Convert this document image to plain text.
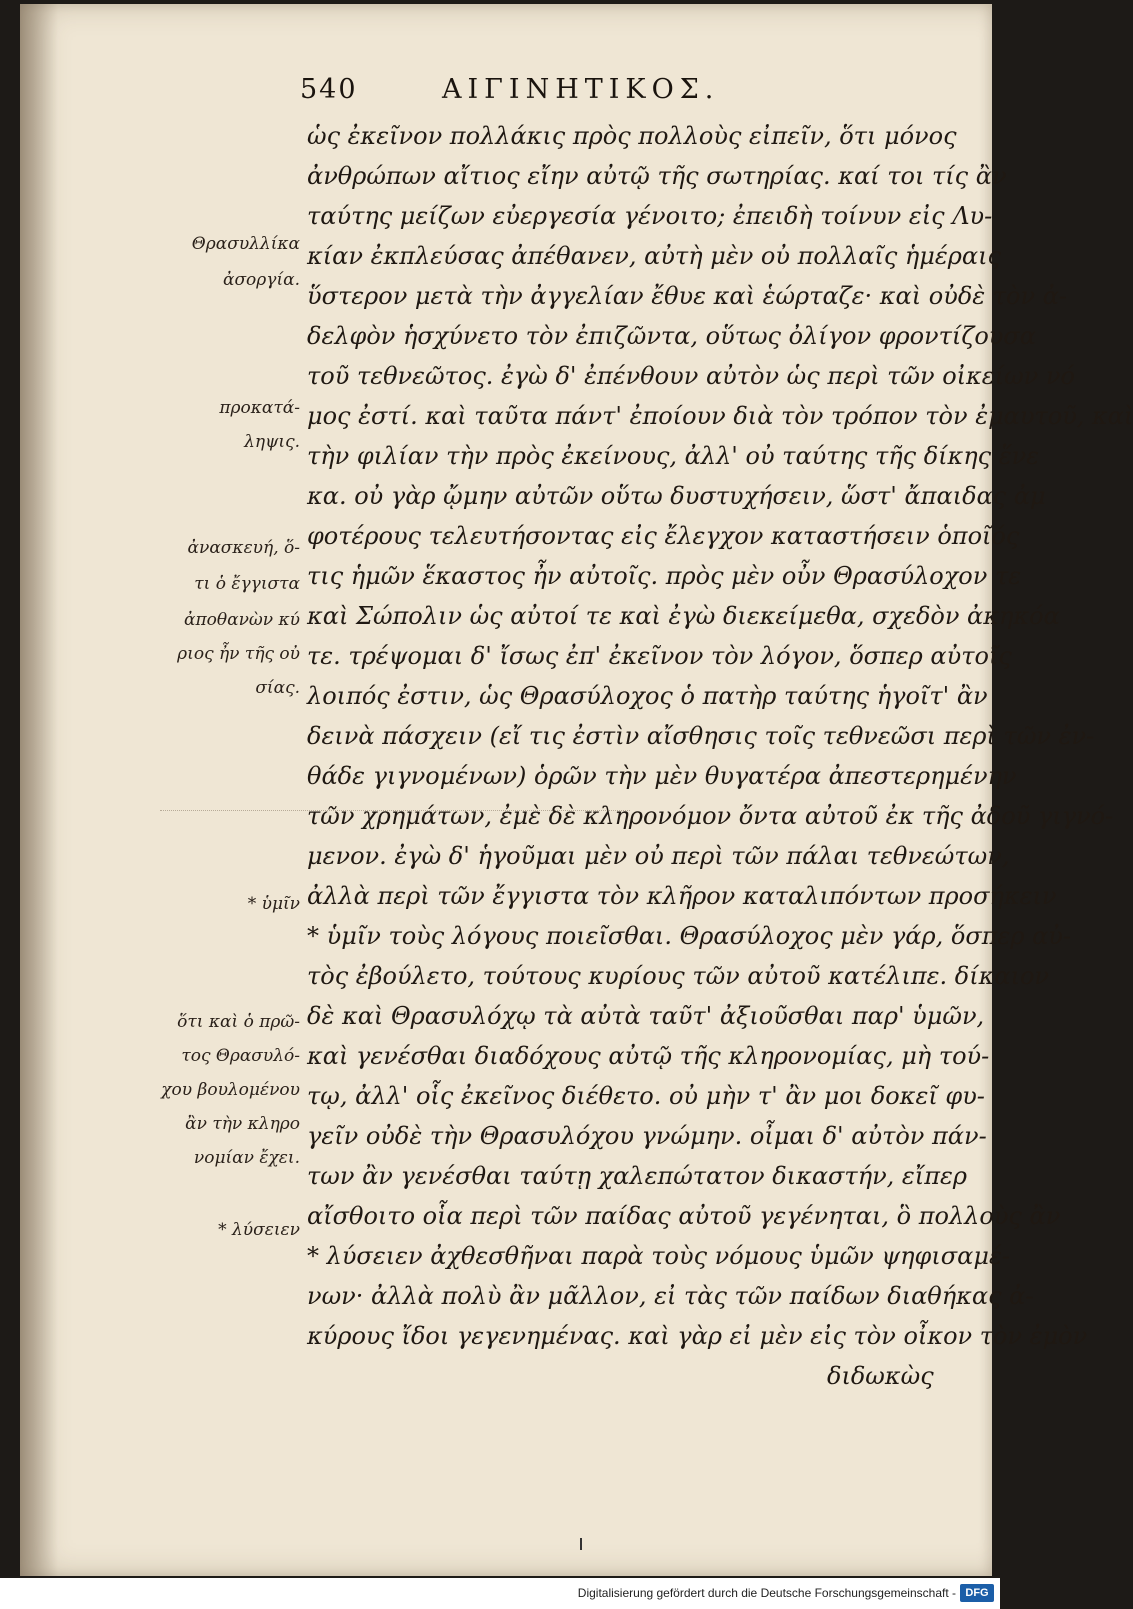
540	ΑΙΓΙΝΗΤΙΚΟΣ.
ὡς ἐκεῖνον πολλάκις πρὸς πολλοὺς εἰπεῖν, ὅτι μόνος
ἀνθρώπων αἴτιος εἴην αὐτῷ τῆς σωτηρίας. καί τοι τίς ἂν
ταύτης μείζων εὐεργεσία γένοιτο; ἐπειδὴ τοίνυν εἰς Λυ-
κίαν ἐκπλεύσας ἀπέθανεν, αὐτὴ μὲν οὐ πολλαῖς ἡμέραις
ὕστερον μετὰ τὴν ἀγγελίαν ἔθυε καὶ ἑώρταζε· καὶ οὐδὲ τὸν ἀ-
δελφὸν ἡσχύνετο τὸν ἐπιζῶντα, οὕτως ὀλίγον φροντίζουσα
τοῦ τεθνεῶτος. ἐγὼ δ' ἐπένθουν αὐτὸν ὡς περὶ τῶν οἰκείων νό
μος ἐστί. καὶ ταῦτα πάντ' ἐποίουν διὰ τὸν τρόπον τὸν ἐμαυτοῦ, καὶ
τὴν φιλίαν τὴν πρὸς ἐκείνους, ἀλλ' οὐ ταύτης τῆς δίκης ἕνε
κα. οὐ γὰρ ᾤμην αὐτῶν οὕτω δυστυχήσειν, ὥστ' ἄπαιδας ἀμ
φοτέρους τελευτήσοντας εἰς ἔλεγχον καταστήσειν ὁποῖός
τις ἡμῶν ἕκαστος ἦν αὐτοῖς. πρὸς μὲν οὖν Θρασύλοχον τε
καὶ Σώπολιν ὡς αὐτοί τε καὶ ἐγὼ διεκείμεθα, σχεδὸν ἀκηκόα
τε. τρέψομαι δ' ἴσως ἐπ' ἐκεῖνον τὸν λόγον, ὅσπερ αὐτοῖς
λοιπός ἐστιν, ὡς Θρασύλοχος ὁ πατὴρ ταύτης ἡγοῖτ' ἂν
δεινὰ πάσχειν (εἴ τις ἐστὶν αἴσθησις τοῖς τεθνεῶσι περὶ τῶν ἐν-
θάδε γιγνομένων) ὁρῶν τὴν μὲν θυγατέρα ἀπεστερημένην
τῶν χρημάτων, ἐμὲ δὲ κληρονόμον ὄντα αὐτοῦ ἐκ τῆς ἀδοῦ γιγνό-
μενον. ἐγὼ δ' ἡγοῦμαι μὲν οὐ περὶ τῶν πάλαι τεθνεώτων,
ἀλλὰ περὶ τῶν ἔγγιστα τὸν κλῆρον καταλιπόντων προσήκειν
* ὑμῖν τοὺς λόγους ποιεῖσθαι. Θρασύλοχος μὲν γάρ, ὅσπερ αὐ-
τὸς ἐβούλετο, τούτους κυρίους τῶν αὐτοῦ κατέλιπε. δίκαιον
δὲ καὶ Θρασυλόχῳ τὰ αὐτὰ ταῦτ' ἀξιοῦσθαι παρ' ὑμῶν,
καὶ γενέσθαι διαδόχους αὐτῷ τῆς κληρονομίας, μὴ τού-
τῳ, ἀλλ' οἷς ἐκεῖνος διέθετο. οὐ μὴν τ' ἂν μοι δοκεῖ φυ-
γεῖν οὐδὲ τὴν Θρασυλόχου γνώμην. οἶμαι δ' αὐτὸν πάν-
των ἂν γενέσθαι ταύτῃ χαλεπώτατον δικαστήν, εἴπερ
αἴσθοιτο οἷα περὶ τῶν παίδας αὐτοῦ γεγένηται, ὃ πολλοὺς ἂν
* λύσειεν ἀχθεσθῆναι παρὰ τοὺς νόμους ὑμῶν ψηφισαμέ-
νων· ἀλλὰ πολὺ ἂν μᾶλλον, εἰ τὰς τῶν παίδων διαθήκας ἀ-
κύρους ἴδοι γεγενημένας. καὶ γὰρ εἰ μὲν εἰς τὸν οἶκον τὸν ἐμὸν
διδωκὼς
Θρασυλλίκα
ἀσοργία.
προκατά-
ληψις.
ἀνασκευή, ὅ-
τι ὁ ἔγγιστα
ἀποθανὼν κύ
ριος ἦν τῆς οὐ
σίας.
* ὑμῖν
ὅτι καὶ ὁ πρῶ-
τος Θρασυλό-
χου βουλομένου
ἂν τὴν κληρο
νομίαν ἔχει.
* λύσειεν
Digitalisierung gefördert durch die Deutsche Forschungsgemeinschaft - DFG
